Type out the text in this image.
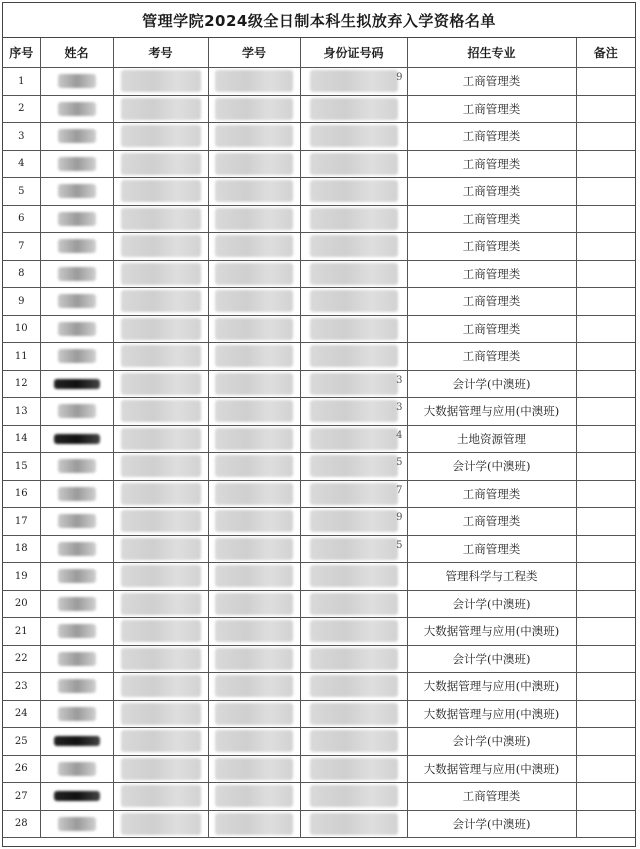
管理学院2024级全日制本科生拟放弃入学资格名单
序号	姓名	考号	学号	身份证号码	招生专业	备注
1				9	工商管理类	
2					工商管理类	
3					工商管理类	
4					工商管理类	
5					工商管理类	
6					工商管理类	
7					工商管理类	
8					工商管理类	
9					工商管理类	
10					工商管理类	
11					工商管理类	
12				3	会计学(中澳班)	
13				3	大数据管理与应用(中澳班)	
14				4	土地资源管理	
15				5	会计学(中澳班)	
16				7	工商管理类	
17				9	工商管理类	
18				5	工商管理类	
19					管理科学与工程类	
20					会计学(中澳班)	
21					大数据管理与应用(中澳班)	
22					会计学(中澳班)	
23					大数据管理与应用(中澳班)	
24					大数据管理与应用(中澳班)	
25					会计学(中澳班)	
26					大数据管理与应用(中澳班)	
27					工商管理类	
28					会计学(中澳班)	
